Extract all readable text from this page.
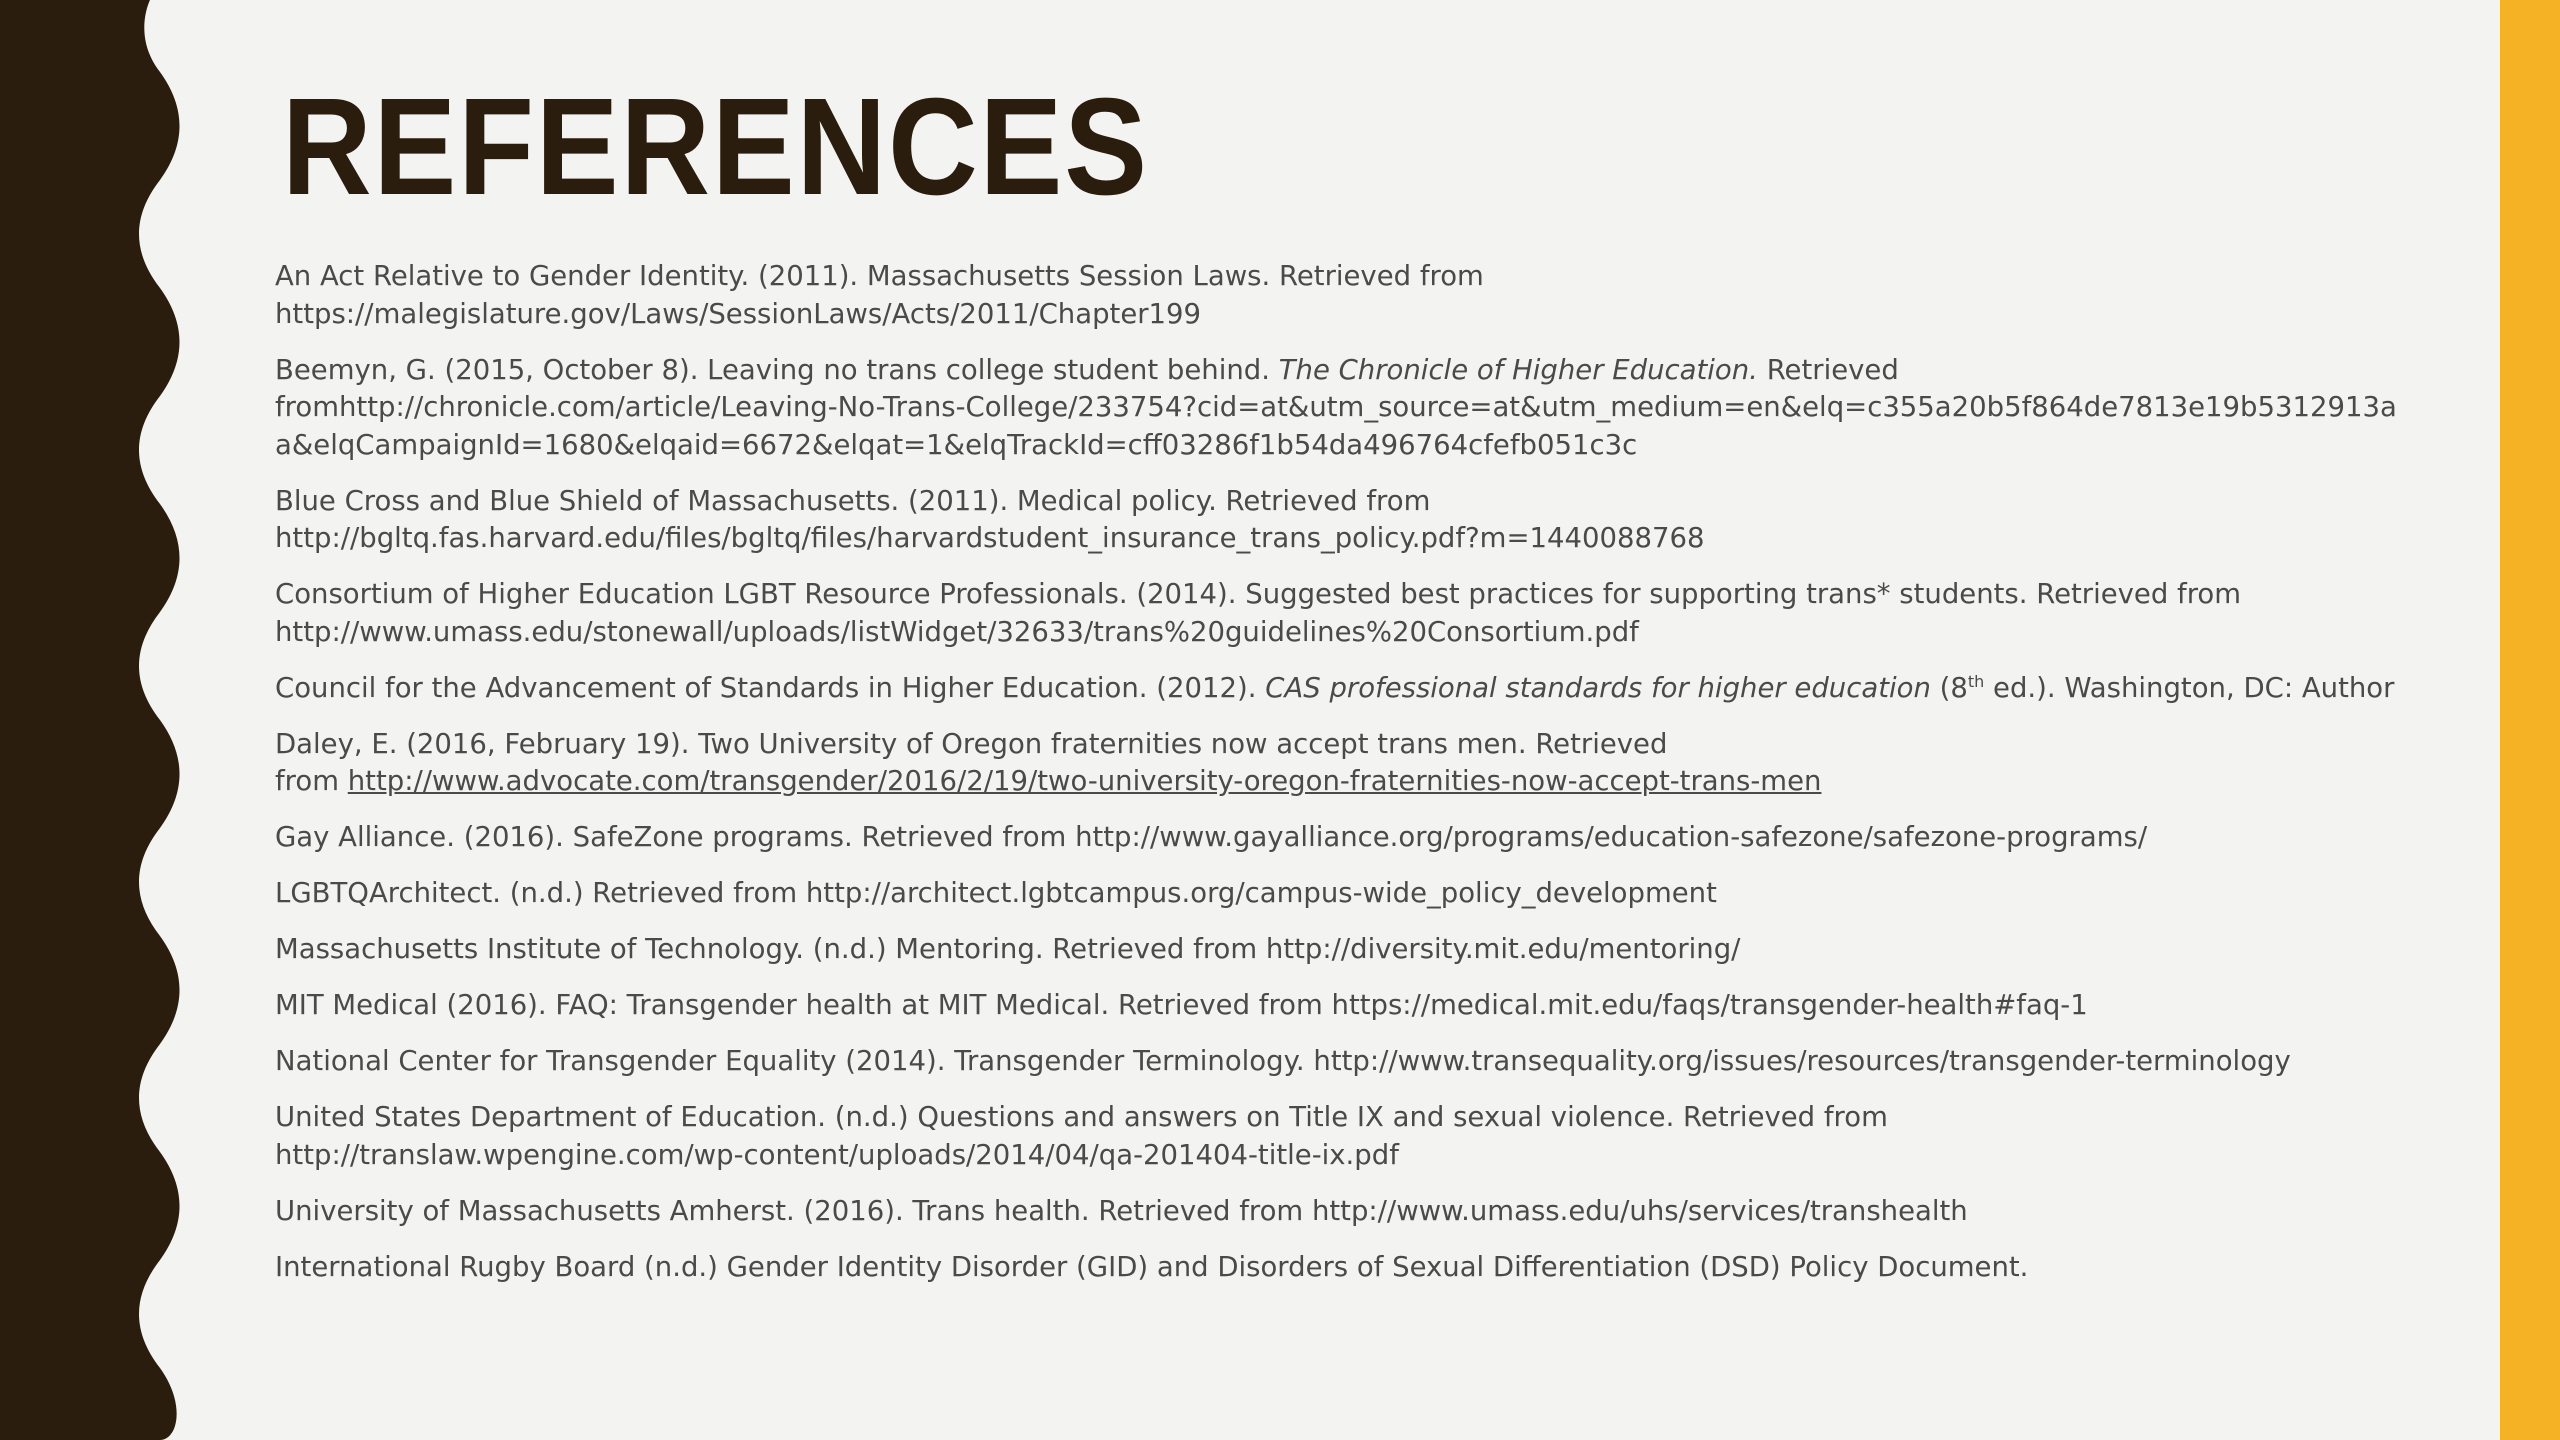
REFERENCES
An Act Relative to Gender Identity. (2011). Massachusetts Session Laws. Retrieved from
https://malegislature.gov/Laws/SessionLaws/Acts/2011/Chapter199
Beemyn, G. (2015, October 8). Leaving no trans college student behind. The Chronicle of Higher Education. Retrieved
fromhttp://chronicle.com/article/Leaving-No-Trans-College/233754?cid=at&utm_source=at&utm_medium=en&elq=c355a20b5f864de7813e19b5312913aa&elqCampaignId=1680&elqaid=6672&elqat=1&elqTrackId=cff03286f1b54da496764cfefb051c3c
Blue Cross and Blue Shield of Massachusetts. (2011). Medical policy. Retrieved from
http://bgltq.fas.harvard.edu/files/bgltq/files/harvardstudent_insurance_trans_policy.pdf?m=1440088768
Consortium of Higher Education LGBT Resource Professionals. (2014). Suggested best practices for supporting trans* students. Retrieved from
http://www.umass.edu/stonewall/uploads/listWidget/32633/trans%20guidelines%20Consortium.pdf
Council for the Advancement of Standards in Higher Education. (2012). CAS professional standards for higher education (8th ed.). Washington, DC: Author
Daley, E. (2016, February 19). Two University of Oregon fraternities now accept trans men. Retrieved
from http://www.advocate.com/transgender/2016/2/19/two-university-oregon-fraternities-now-accept-trans-men
Gay Alliance. (2016). SafeZone programs. Retrieved from http://www.gayalliance.org/programs/education-safezone/safezone-programs/
LGBTQArchitect. (n.d.) Retrieved from http://architect.lgbtcampus.org/campus-wide_policy_development
Massachusetts Institute of Technology. (n.d.) Mentoring. Retrieved from http://diversity.mit.edu/mentoring/
MIT Medical (2016). FAQ: Transgender health at MIT Medical. Retrieved from https://medical.mit.edu/faqs/transgender-health#faq-1
National Center for Transgender Equality (2014). Transgender Terminology. http://www.transequality.org/issues/resources/transgender-terminology
United States Department of Education. (n.d.) Questions and answers on Title IX and sexual violence. Retrieved from
http://translaw.wpengine.com/wp-content/uploads/2014/04/qa-201404-title-ix.pdf
University of Massachusetts Amherst. (2016). Trans health. Retrieved from http://www.umass.edu/uhs/services/transhealth
International Rugby Board (n.d.) Gender Identity Disorder (GID) and Disorders of Sexual Differentiation (DSD) Policy Document.
